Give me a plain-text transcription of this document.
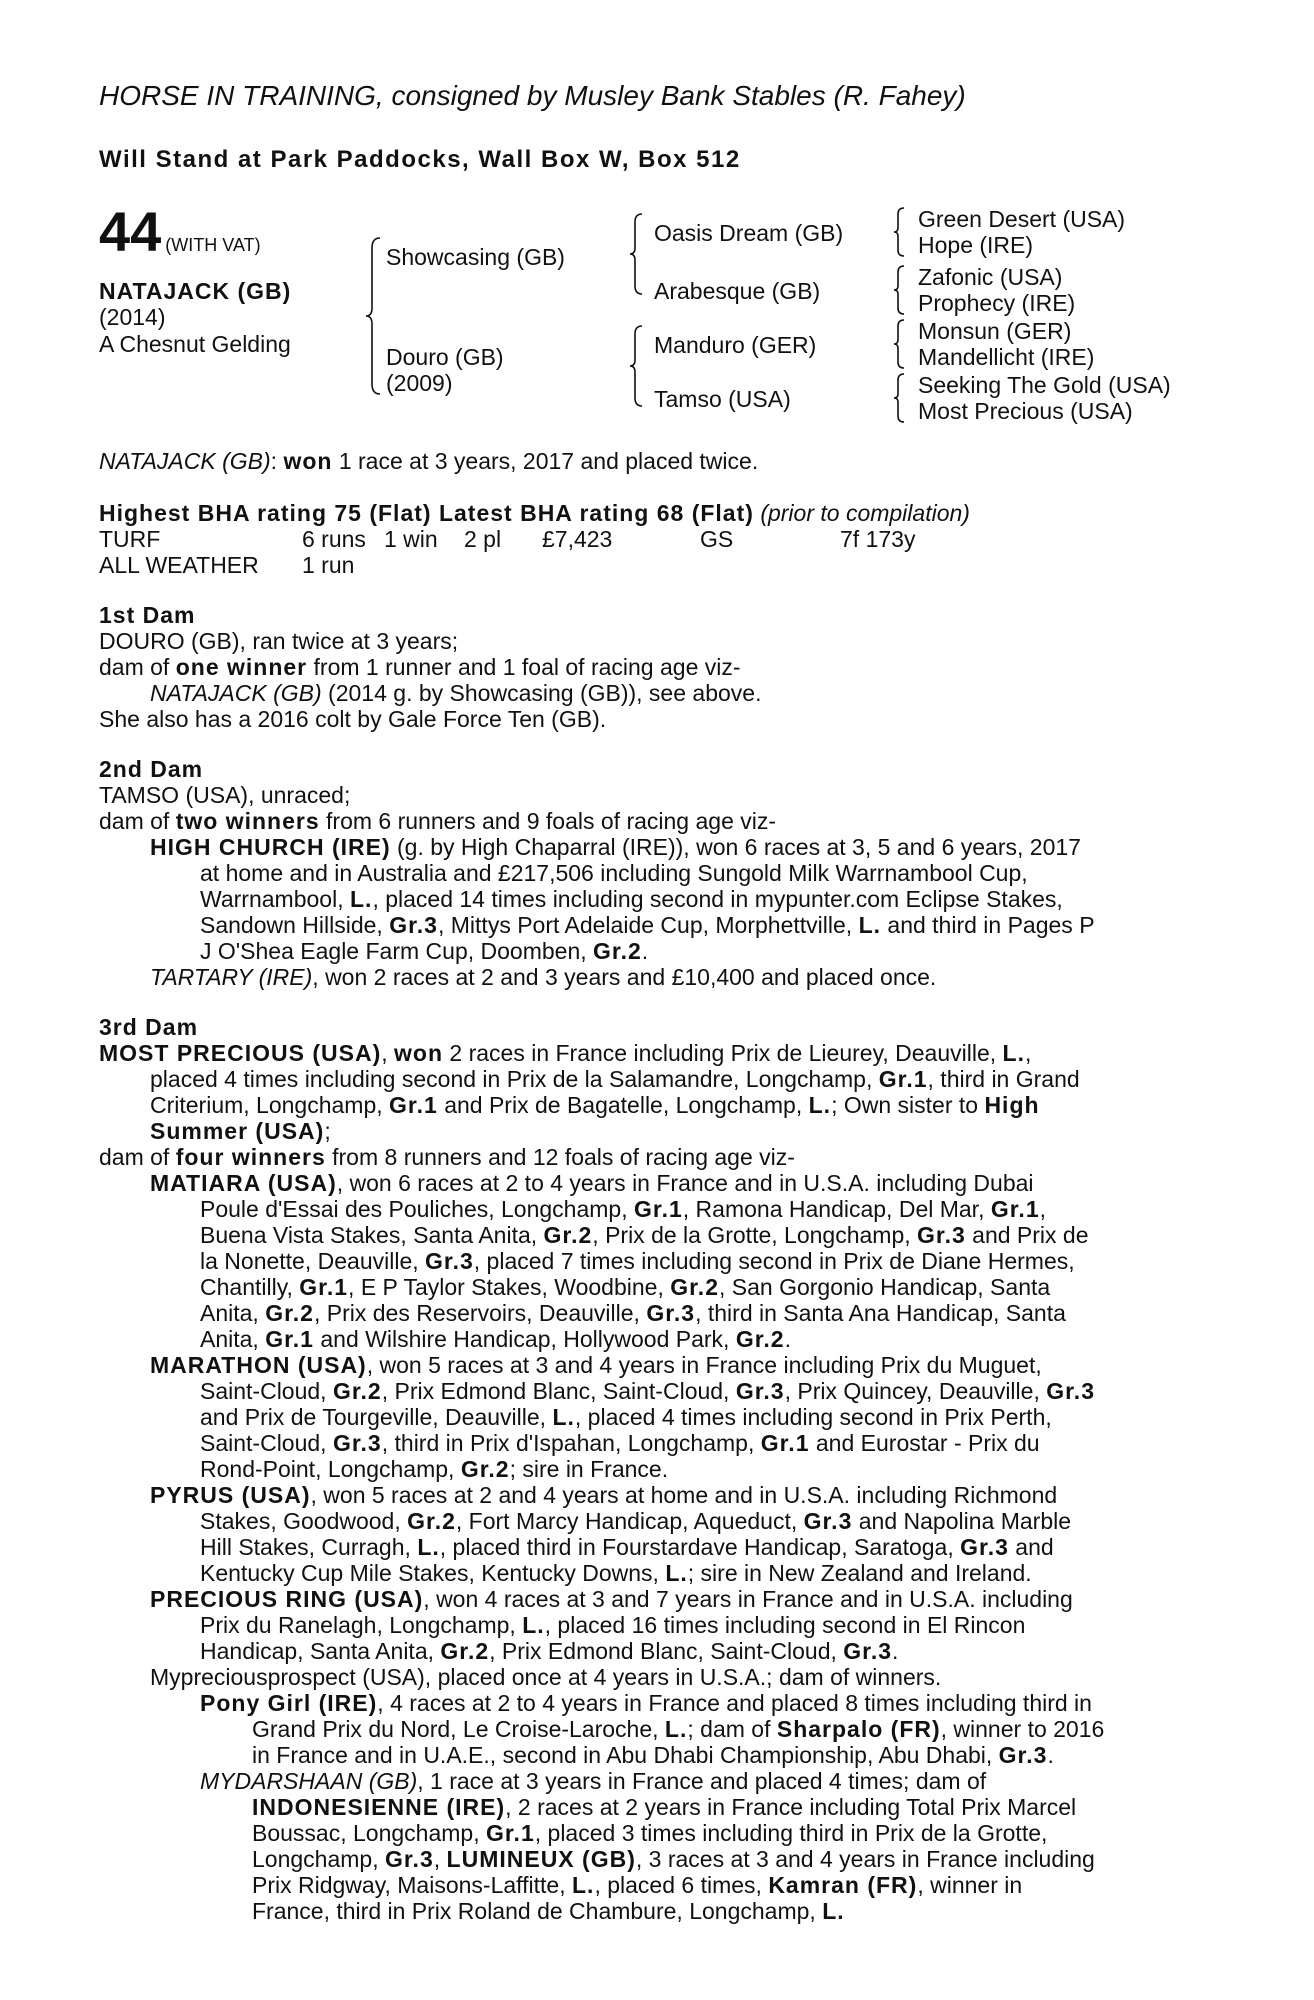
HORSE IN TRAINING, consigned by Musley Bank Stables (R. Fahey)
Will Stand at Park Paddocks, Wall Box W, Box 512
44 (WITH VAT)
NATAJACK (GB)
(2014)
A Chesnut Gelding
Showcasing (GB)
Douro (GB)
(2009)
Oasis Dream (GB)
Arabesque (GB)
Manduro (GER)
Tamso (USA)
Green Desert (USA)
Hope (IRE)
Zafonic (USA)
Prophecy (IRE)
Monsun (GER)
Mandellicht (IRE)
Seeking The Gold (USA)
Most Precious (USA)
NATAJACK (GB): won 1 race at 3 years, 2017 and placed twice.
Highest BHA rating 75 (Flat) Latest BHA rating 68 (Flat) (prior to compilation)
TURF	6 runs 1 win 2 pl £7,423	GS	7f 173y
ALL WEATHER 1 run
1st Dam
DOURO (GB), ran twice at 3 years;
dam of one winner from 1 runner and 1 foal of racing age viz-
NATAJACK (GB) (2014 g. by Showcasing (GB)), see above.
She also has a 2016 colt by Gale Force Ten (GB).
2nd Dam
TAMSO (USA), unraced;
dam of two winners from 6 runners and 9 foals of racing age viz-
HIGH CHURCH (IRE) (g. by High Chaparral (IRE)), won 6 races at 3, 5 and 6 years, 2017
at home and in Australia and £217,506 including Sungold Milk Warrnambool Cup,
Warrnambool, L., placed 14 times including second in mypunter.com Eclipse Stakes,
Sandown Hillside, Gr.3, Mittys Port Adelaide Cup, Morphettville, L. and third in Pages P
J O'Shea Eagle Farm Cup, Doomben, Gr.2.
TARTARY (IRE), won 2 races at 2 and 3 years and £10,400 and placed once.
3rd Dam
MOST PRECIOUS (USA), won 2 races in France including Prix de Lieurey, Deauville, L.,
placed 4 times including second in Prix de la Salamandre, Longchamp, Gr.1, third in Grand
Criterium, Longchamp, Gr.1 and Prix de Bagatelle, Longchamp, L.; Own sister to High
Summer (USA);
dam of four winners from 8 runners and 12 foals of racing age viz-
MATIARA (USA), won 6 races at 2 to 4 years in France and in U.S.A. including Dubai
Poule d'Essai des Pouliches, Longchamp, Gr.1, Ramona Handicap, Del Mar, Gr.1,
Buena Vista Stakes, Santa Anita, Gr.2, Prix de la Grotte, Longchamp, Gr.3 and Prix de
la Nonette, Deauville, Gr.3, placed 7 times including second in Prix de Diane Hermes,
Chantilly, Gr.1, E P Taylor Stakes, Woodbine, Gr.2, San Gorgonio Handicap, Santa
Anita, Gr.2, Prix des Reservoirs, Deauville, Gr.3, third in Santa Ana Handicap, Santa
Anita, Gr.1 and Wilshire Handicap, Hollywood Park, Gr.2.
MARATHON (USA), won 5 races at 3 and 4 years in France including Prix du Muguet,
Saint-Cloud, Gr.2, Prix Edmond Blanc, Saint-Cloud, Gr.3, Prix Quincey, Deauville, Gr.3
and Prix de Tourgeville, Deauville, L., placed 4 times including second in Prix Perth,
Saint-Cloud, Gr.3, third in Prix d'Ispahan, Longchamp, Gr.1 and Eurostar - Prix du
Rond-Point, Longchamp, Gr.2; sire in France.
PYRUS (USA), won 5 races at 2 and 4 years at home and in U.S.A. including Richmond
Stakes, Goodwood, Gr.2, Fort Marcy Handicap, Aqueduct, Gr.3 and Napolina Marble
Hill Stakes, Curragh, L., placed third in Fourstardave Handicap, Saratoga, Gr.3 and
Kentucky Cup Mile Stakes, Kentucky Downs, L.; sire in New Zealand and Ireland.
PRECIOUS RING (USA), won 4 races at 3 and 7 years in France and in U.S.A. including
Prix du Ranelagh, Longchamp, L., placed 16 times including second in El Rincon
Handicap, Santa Anita, Gr.2, Prix Edmond Blanc, Saint-Cloud, Gr.3.
Mypreciousprospect (USA), placed once at 4 years in U.S.A.; dam of winners.
Pony Girl (IRE), 4 races at 2 to 4 years in France and placed 8 times including third in
Grand Prix du Nord, Le Croise-Laroche, L.; dam of Sharpalo (FR), winner to 2016
in France and in U.A.E., second in Abu Dhabi Championship, Abu Dhabi, Gr.3.
MYDARSHAAN (GB), 1 race at 3 years in France and placed 4 times; dam of
INDONESIENNE (IRE), 2 races at 2 years in France including Total Prix Marcel
Boussac, Longchamp, Gr.1, placed 3 times including third in Prix de la Grotte,
Longchamp, Gr.3, LUMINEUX (GB), 3 races at 3 and 4 years in France including
Prix Ridgway, Maisons-Laffitte, L., placed 6 times, Kamran (FR), winner in
France, third in Prix Roland de Chambure, Longchamp, L.
